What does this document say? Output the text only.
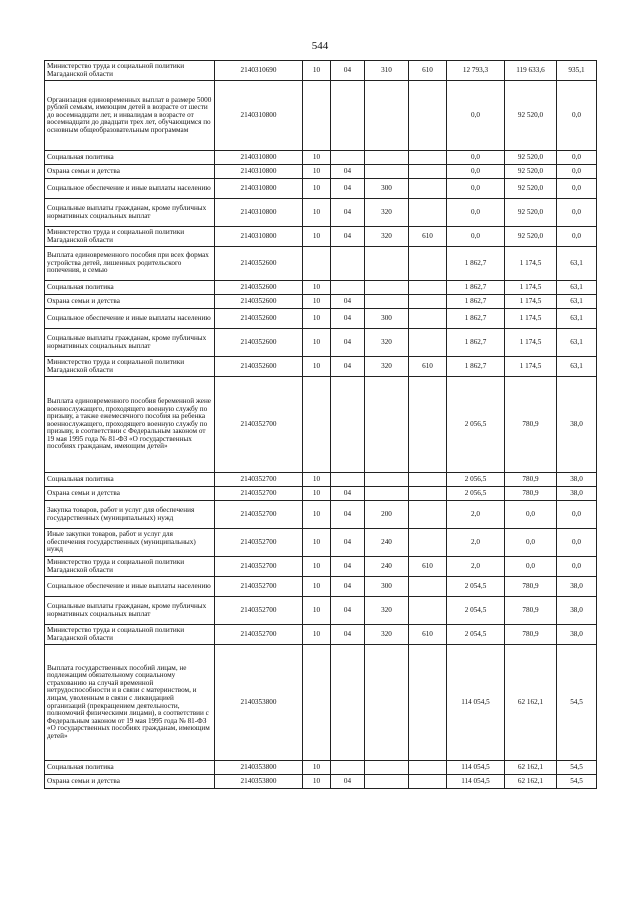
544
Министерство труда и социальной политики Магаданской области	2140310690	10	04	310	610	12 793,3	119 633,6	935,1
Организация единовременных выплат в размере 5000 рублей семьям, имеющим детей в возрасте от шести до восемнадцати лет, и инвалидам в возрасте от восемнадцати до двадцати трех лет, обучающимся по основным общеобразовательным программам	2140310800					0,0	92 520,0	0,0
Социальная политика	2140310800	10				0,0	92 520,0	0,0
Охрана семьи и детства	2140310800	10	04			0,0	92 520,0	0,0
Социальное обеспечение и иные выплаты населению	2140310800	10	04	300		0,0	92 520,0	0,0
Социальные выплаты гражданам, кроме публичных нормативных социальных выплат	2140310800	10	04	320		0,0	92 520,0	0,0
Министерство труда и социальной политики Магаданской области	2140310800	10	04	320	610	0,0	92 520,0	0,0
Выплата единовременного пособия при всех формах устройства детей, лишенных родительского попечения, в семью	2140352600					1 862,7	1 174,5	63,1
Социальная политика	2140352600	10				1 862,7	1 174,5	63,1
Охрана семьи и детства	2140352600	10	04			1 862,7	1 174,5	63,1
Социальное обеспечение и иные выплаты населению	2140352600	10	04	300		1 862,7	1 174,5	63,1
Социальные выплаты гражданам, кроме публичных нормативных социальных выплат	2140352600	10	04	320		1 862,7	1 174,5	63,1
Министерство труда и социальной политики Магаданской области	2140352600	10	04	320	610	1 862,7	1 174,5	63,1
Выплата единовременного пособия беременной жене военнослужащего, проходящего военную службу по призыву, а также ежемесячного пособия на ребенка военнослужащего, проходящего военную службу по призыву, в соответствии с Федеральным законом от 19 мая 1995 года № 81-ФЗ «О государственных пособиях гражданам, имеющим детей»	2140352700					2 056,5	780,9	38,0
Социальная политика	2140352700	10				2 056,5	780,9	38,0
Охрана семьи и детства	2140352700	10	04			2 056,5	780,9	38,0
Закупка товаров, работ и услуг для обеспечения государственных (муниципальных) нужд	2140352700	10	04	200		2,0	0,0	0,0
Иные закупки товаров, работ и услуг для обеспечения государственных (муниципальных) нужд	2140352700	10	04	240		2,0	0,0	0,0
Министерство труда и социальной политики Магаданской области	2140352700	10	04	240	610	2,0	0,0	0,0
Социальное обеспечение и иные выплаты населению	2140352700	10	04	300		2 054,5	780,9	38,0
Социальные выплаты гражданам, кроме публичных нормативных социальных выплат	2140352700	10	04	320		2 054,5	780,9	38,0
Министерство труда и социальной политики Магаданской области	2140352700	10	04	320	610	2 054,5	780,9	38,0
Выплата государственных пособий лицам, не подлежащим обязательному социальному страхованию на случай временной нетрудоспособности и в связи с материнством, и лицам, уволенным в связи с ликвидацией организаций (прекращением деятельности, полномочий физическими лицами), в соответствии с Федеральным законом от 19 мая 1995 года № 81-ФЗ «О государственных пособиях гражданам, имеющим детей»	2140353800					114 054,5	62 162,1	54,5
Социальная политика	2140353800	10				114 054,5	62 162,1	54,5
Охрана семьи и детства	2140353800	10	04			114 054,5	62 162,1	54,5
